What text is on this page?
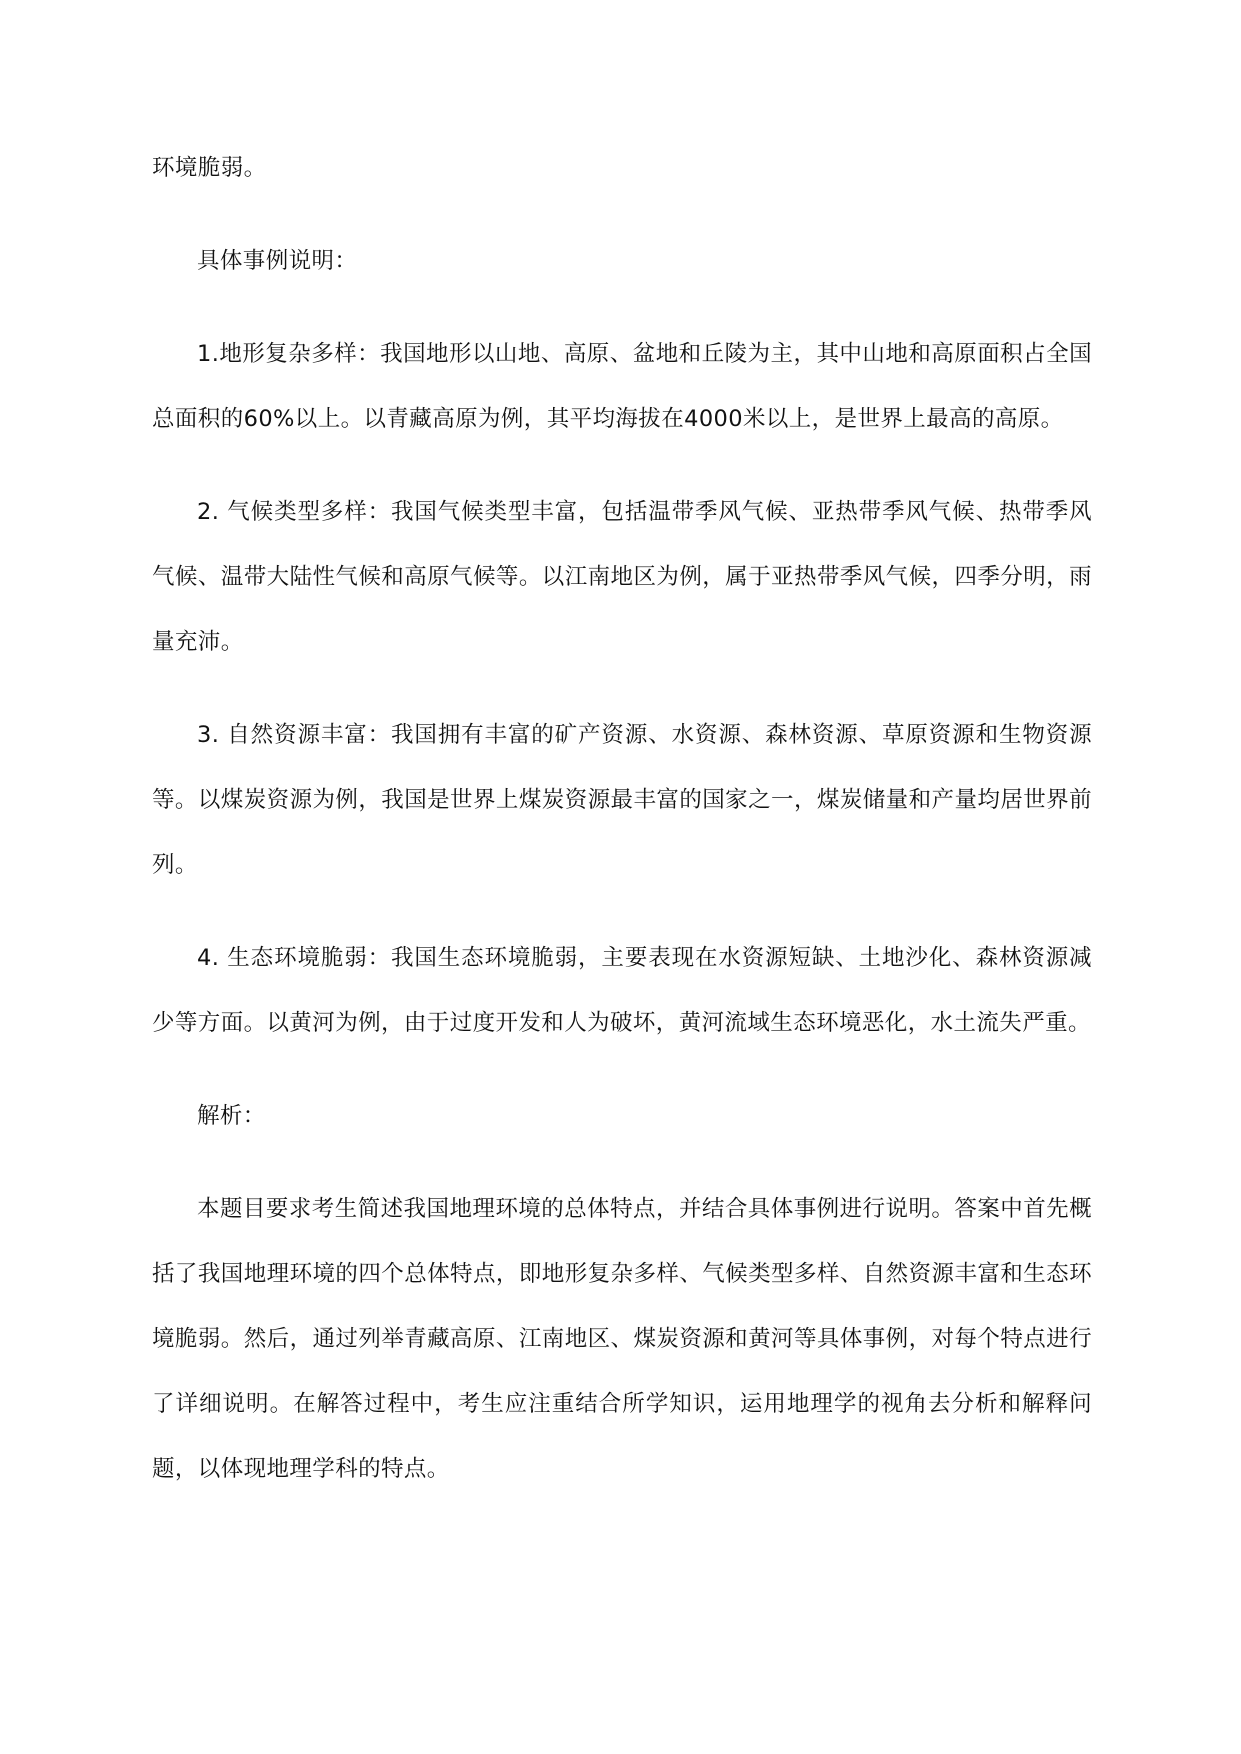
环境脆弱。

具体事例说明：

1.地形复杂多样：我国地形以山地、高原、盆地和丘陵为主，其中山地和高原面积占全国总面积的60%以上。以青藏高原为例，其平均海拔在4000米以上，是世界上最高的高原。

2. 气候类型多样：我国气候类型丰富，包括温带季风气候、亚热带季风气候、热带季风气候、温带大陆性气候和高原气候等。以江南地区为例，属于亚热带季风气候，四季分明，雨量充沛。

3. 自然资源丰富：我国拥有丰富的矿产资源、水资源、森林资源、草原资源和生物资源等。以煤炭资源为例，我国是世界上煤炭资源最丰富的国家之一，煤炭储量和产量均居世界前列。

4. 生态环境脆弱：我国生态环境脆弱，主要表现在水资源短缺、土地沙化、森林资源减少等方面。以黄河为例，由于过度开发和人为破坏，黄河流域生态环境恶化，水土流失严重。

解析：

本题目要求考生简述我国地理环境的总体特点，并结合具体事例进行说明。答案中首先概括了我国地理环境的四个总体特点，即地形复杂多样、气候类型多样、自然资源丰富和生态环境脆弱。然后，通过列举青藏高原、江南地区、煤炭资源和黄河等具体事例，对每个特点进行了详细说明。在解答过程中，考生应注重结合所学知识，运用地理学的视角去分析和解释问题，以体现地理学科的特点。
